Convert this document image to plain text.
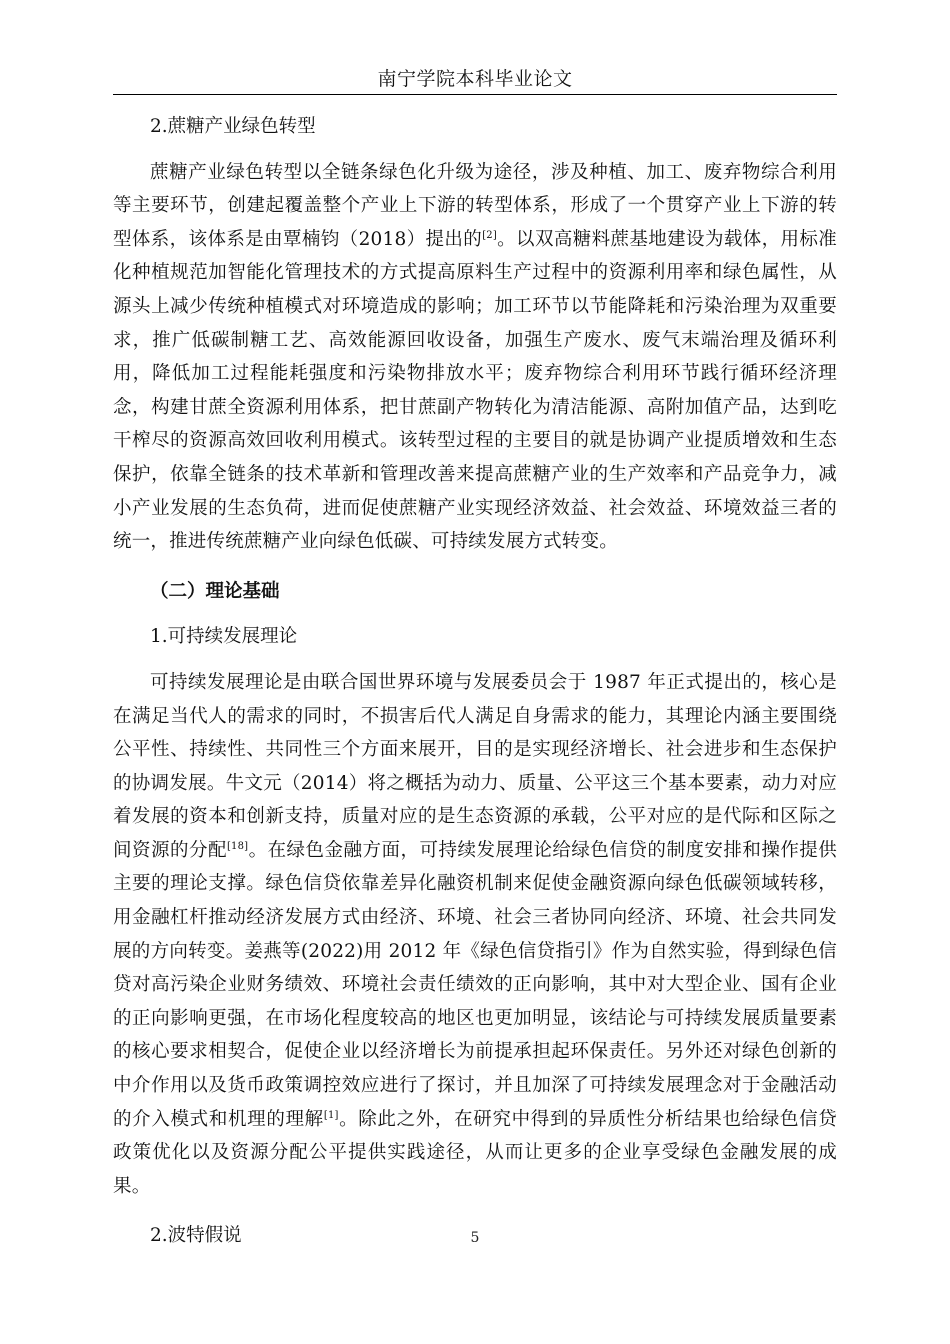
南宁学院本科毕业论文
2.蔗糖产业绿色转型

蔗糖产业绿色转型以全链条绿色化升级为途径，涉及种植、加工、废弃物综合利用等主要环节，创建起覆盖整个产业上下游的转型体系，形成了一个贯穿产业上下游的转型体系，该体系是由覃楠钧（2018）提出的[2]。以双高糖料蔗基地建设为载体，用标准化种植规范加智能化管理技术的方式提高原料生产过程中的资源利用率和绿色属性，从源头上减少传统种植模式对环境造成的影响；加工环节以节能降耗和污染治理为双重要求，推广低碳制糖工艺、高效能源回收设备，加强生产废水、废气末端治理及循环利用，降低加工过程能耗强度和污染物排放水平；废弃物综合利用环节践行循环经济理念，构建甘蔗全资源利用体系，把甘蔗副产物转化为清洁能源、高附加值产品，达到吃干榨尽的资源高效回收利用模式。该转型过程的主要目的就是协调产业提质增效和生态保护，依靠全链条的技术革新和管理改善来提高蔗糖产业的生产效率和产品竞争力，减小产业发展的生态负荷，进而促使蔗糖产业实现经济效益、社会效益、环境效益三者的统一，推进传统蔗糖产业向绿色低碳、可持续发展方式转变。

（二）理论基础
1.可持续发展理论

可持续发展理论是由联合国世界环境与发展委员会于 1987 年正式提出的，核心是在满足当代人的需求的同时，不损害后代人满足自身需求的能力，其理论内涵主要围绕公平性、持续性、共同性三个方面来展开，目的是实现经济增长、社会进步和生态保护的协调发展。牛文元（2014）将之概括为动力、质量、公平这三个基本要素，动力对应着发展的资本和创新支持，质量对应的是生态资源的承载，公平对应的是代际和区际之间资源的分配[18]。在绿色金融方面，可持续发展理论给绿色信贷的制度安排和操作提供主要的理论支撑。绿色信贷依靠差异化融资机制来促使金融资源向绿色低碳领域转移，用金融杠杆推动经济发展方式由经济、环境、社会三者协同向经济、环境、社会共同发展的方向转变。姜燕等(2022)用 2012 年《绿色信贷指引》作为自然实验，得到绿色信贷对高污染企业财务绩效、环境社会责任绩效的正向影响，其中对大型企业、国有企业的正向影响更强，在市场化程度较高的地区也更加明显，该结论与可持续发展质量要素的核心要求相契合，促使企业以经济增长为前提承担起环保责任。另外还对绿色创新的中介作用以及货币政策调控效应进行了探讨，并且加深了可持续发展理念对于金融活动的介入模式和机理的理解[1]。除此之外，在研究中得到的异质性分析结果也给绿色信贷政策优化以及资源分配公平提供实践途径，从而让更多的企业享受绿色金融发展的成果。

2.波特假说	5
